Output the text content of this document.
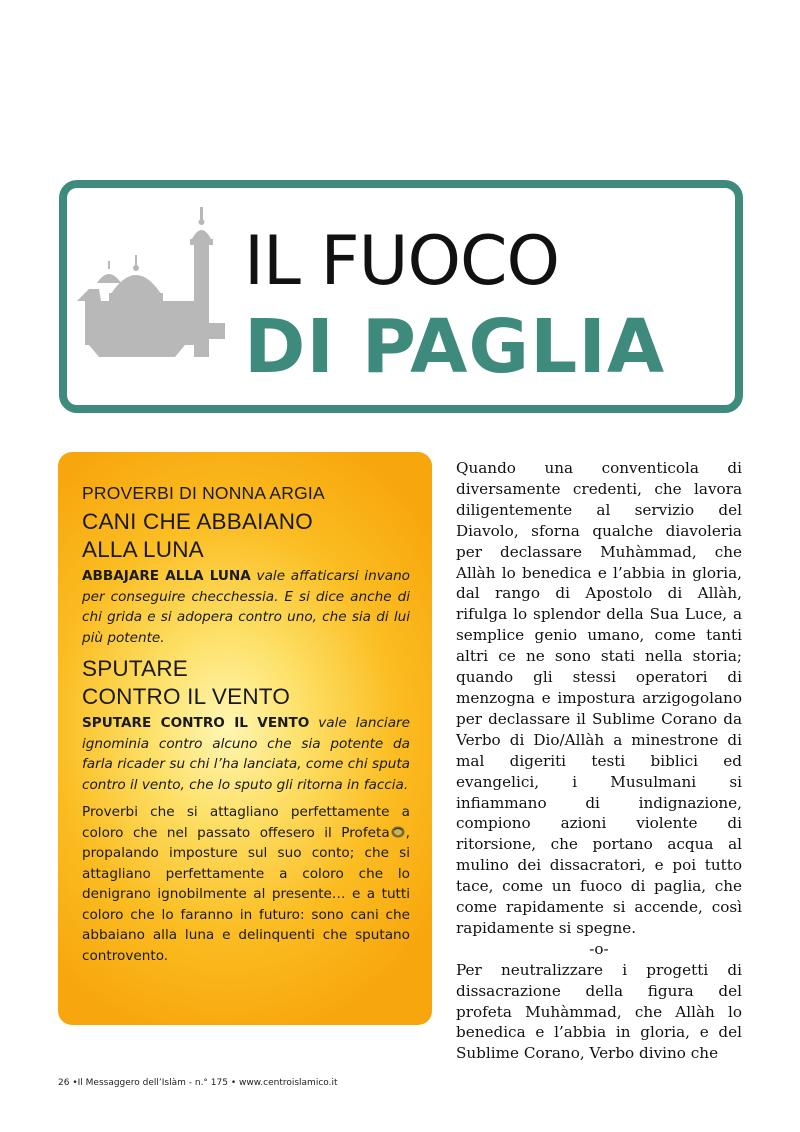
IL FUOCO
DI PAGLIA

PROVERBI DI NONNA ARGIA

CANI CHE ABBAIANO
ALLA LUNA

ABBAJARE ALLA LUNA vale affaticarsi invano per conseguire checchessia. E si dice anche di chi grida e si adopera contro uno, che sia di lui più potente.

SPUTARE
CONTRO IL VENTO

SPUTARE CONTRO IL VENTO vale lanciare ignominia contro alcuno che sia potente da farla ricader su chi l’ha lanciata, come chi sputa contro il vento, che lo sputo gli ritorna in faccia.

Proverbi che si attagliano perfettamente a coloro che nel passato offesero il Profeta , propalando imposture sul suo conto; che si attagliano perfettamente a coloro che lo denigrano ignobilmente al presente… e a tutti coloro che lo faranno in futuro: sono cani che abbaiano alla luna e delinquenti che sputano controvento.

Quando una conventicola di diversamente credenti, che lavora diligentemente al servizio del Diavolo, sforna qualche diavoleria per declassare Muhàmmad, che Allàh lo benedica e l’abbia in gloria, dal rango di Apostolo di Allàh, rifulga lo splendor della Sua Luce, a semplice genio umano, come tanti altri ce ne sono stati nella storia; quando gli stessi operatori di menzogna e impostura arzigogolano per declassare il Sublime Corano da Verbo di Dio/Allàh a minestrone di mal digeriti testi biblici ed evangelici, i Musulmani si infiammano di indignazione, compiono azioni violente di ritorsione, che portano acqua al mulino dei dissacratori, e poi tutto tace, come un fuoco di paglia, che come rapidamente si accende, così rapidamente si spegne.

-o-

Per neutralizzare i progetti di dissacrazione della figura del profeta Muhàmmad, che Allàh lo benedica e l’abbia in gloria, e del Sublime Corano, Verbo divino che

26 •Il Messaggero dell’Islàm - n.° 175 • www.centroislamico.it
